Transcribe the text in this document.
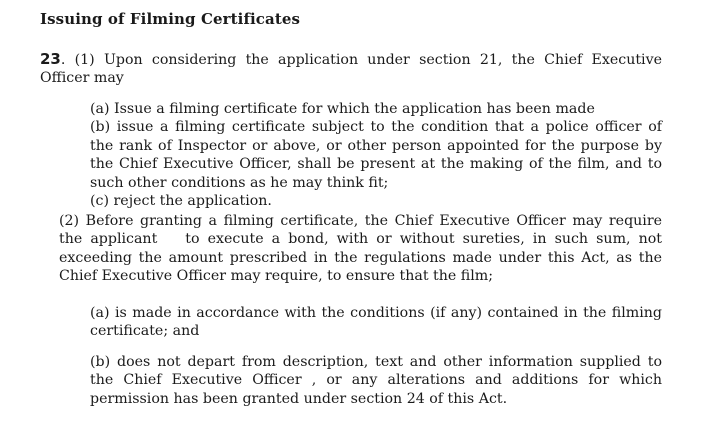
Issuing of Filming Certificates
23. (1) Upon considering the application under section 21, the Chief Executive Officer may
(a) Issue a filming certificate for which the application has been made
(b) issue a filming certificate subject to the condition that a police officer of the rank of Inspector or above, or other person appointed for the purpose by the Chief Executive Officer, shall be present at the making of the film, and to such other conditions as he may think fit;
(c) reject the application.
(2) Before granting a filming certificate, the Chief Executive Officer may require the applicant to execute a bond, with or without sureties, in such sum, not exceeding the amount prescribed in the regulations made under this Act, as the Chief Executive Officer may require, to ensure that the film;
(a) is made in accordance with the conditions (if any) contained in the filming certificate; and
(b) does not depart from description, text and other information supplied to the Chief Executive Officer , or any alterations and additions for which permission has been granted under section 24 of this Act.
